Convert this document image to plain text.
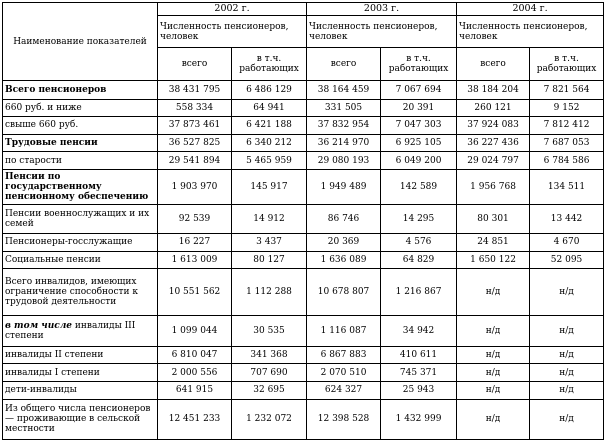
Наименование показателей	2002 г.		2003 г.		2004 г.	
	Численность пенсионеров, человек		Численность пенсионеров, человек		Численность пенсионеров, человек	
	всего	в т.ч. работающих	всего	в т.ч. работающих	всего	в т.ч. работающих
Всего пенсионеров	38 431 795	6 486 129	38 164 459	7 067 694	38 184 204	7 821 564
660 руб. и ниже	558 334	64 941	331 505	20 391	260 121	9 152
свыше 660 руб.	37 873 461	6 421 188	37 832 954	7 047 303	37 924 083	7 812 412
Трудовые пенсии	36 527 825	6 340 212	36 214 970	6 925 105	36 227 436	7 687 053
по старости	29 541 894	5 465 959	29 080 193	6 049 200	29 024 797	6 784 586
Пенсии по государственному пенсионному обеспечению	1 903 970	145 917	1 949 489	142 589	1 956 768	134 511
Пенсии военнослужащих и их семей	92 539	14 912	86 746	14 295	80 301	13 442
Пенсионеры-госслужащие	16 227	3 437	20 369	4 576	24 851	4 670
Социальные пенсии	1 613 009	80 127	1 636 089	64 829	1 650 122	52 095
Всего инвалидов, имеющих ограничение способности к трудовой деятельности	10 551 562	1 112 288	10 678 807	1 216 867	н/д	н/д
в том числе инвалиды III степени	1 099 044	30 535	1 116 087	34 942	н/д	н/д
инвалиды II степени	6 810 047	341 368	6 867 883	410 611	н/д	н/д
инвалиды I степени	2 000 556	707 690	2 070 510	745 371	н/д	н/д
дети-инвалиды	641 915	32 695	624 327	25 943	н/д	н/д
Из общего числа пенсионеров — проживающие в сельской местности	12 451 233	1 232 072	12 398 528	1 432 999	н/д	н/д
